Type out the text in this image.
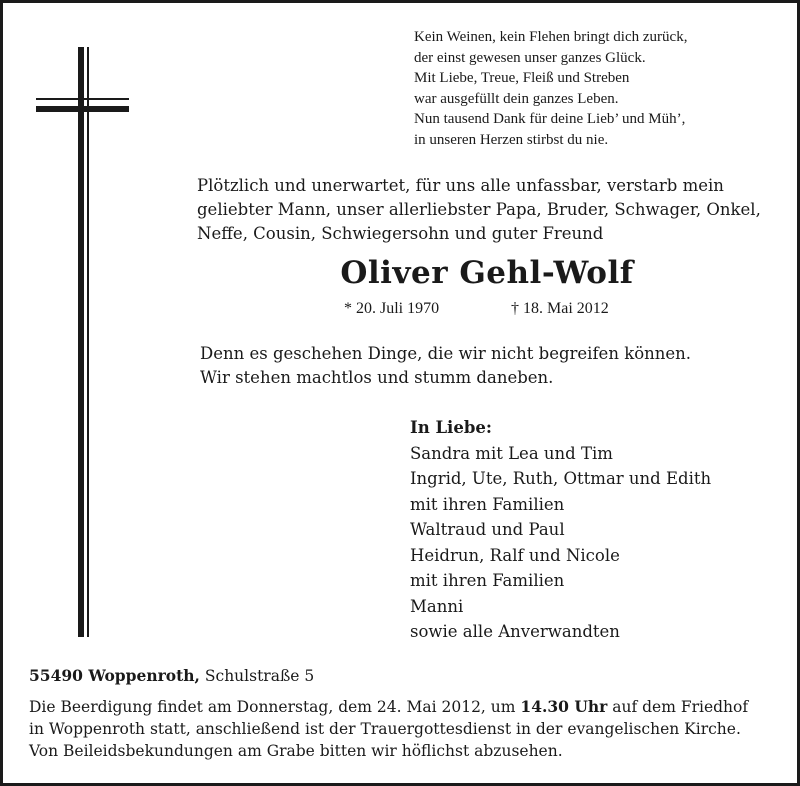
Kein Weinen, kein Flehen bringt dich zurück,
der einst gewesen unser ganzes Glück.
Mit Liebe, Treue, Fleiß und Streben
war ausgefüllt dein ganzes Leben.
Nun tausend Dank für deine Lieb’ und Müh’,
in unseren Herzen stirbst du nie.
Plötzlich und unerwartet, für uns alle unfassbar, verstarb mein
geliebter Mann, unser allerliebster Papa, Bruder, Schwager, Onkel,
Neffe, Cousin, Schwiegersohn und guter Freund
Oliver Gehl-Wolf
* 20. Juli 1970	† 18. Mai 2012
Denn es geschehen Dinge, die wir nicht begreifen können.
Wir stehen machtlos und stumm daneben.
In Liebe:
Sandra mit Lea und Tim
Ingrid, Ute, Ruth, Ottmar und Edith
mit ihren Familien
Waltraud und Paul
Heidrun, Ralf und Nicole
mit ihren Familien
Manni
sowie alle Anverwandten
55490 Woppenroth, Schulstraße 5
Die Beerdigung findet am Donnerstag, dem 24. Mai 2012, um 14.30 Uhr auf dem Friedhof
in Woppenroth statt, anschließend ist der Trauergottesdienst in der evangelischen Kirche.
Von Beileidsbekundungen am Grabe bitten wir höflichst abzusehen.
